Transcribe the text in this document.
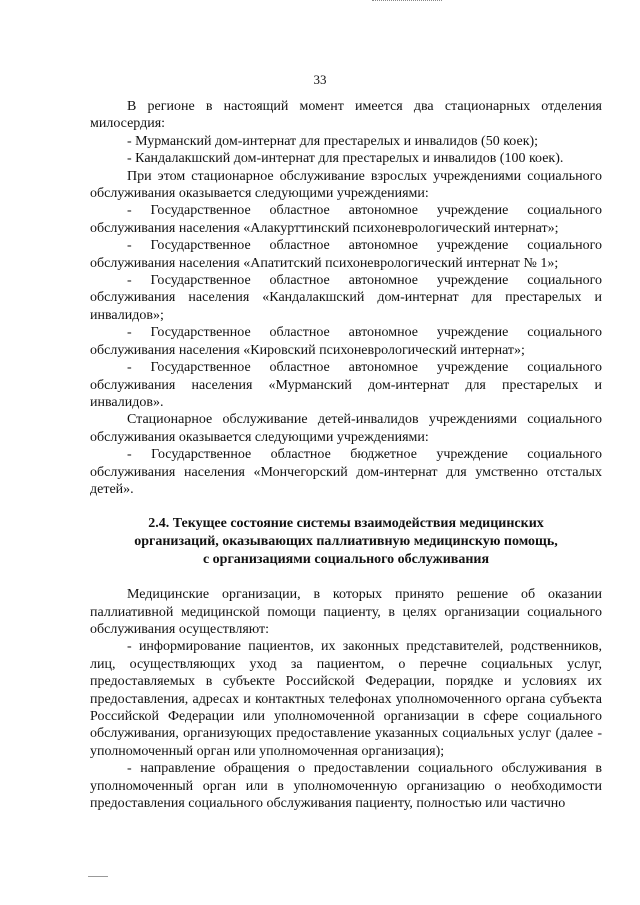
33

В регионе в настоящий момент имеется два стационарных отделения милосердия:

- Мурманский дом-интернат для престарелых и инвалидов (50 коек);

- Кандалакшский дом-интернат для престарелых и инвалидов (100 коек).

При этом стационарное обслуживание взрослых учреждениями социального обслуживания оказывается следующими учреждениями:

- Государственное областное автономное учреждение социального обслуживания населения «Алакурттинский психоневрологический интернат»;

- Государственное областное автономное учреждение социального обслуживания населения «Апатитский психоневрологический интернат № 1»;

- Государственное областное автономное учреждение социального обслуживания населения «Кандалакшский дом-интернат для престарелых и инвалидов»;

- Государственное областное автономное учреждение социального обслуживания населения «Кировский психоневрологический интернат»;

- Государственное областное автономное учреждение социального обслуживания населения «Мурманский дом-интернат для престарелых и инвалидов».

Стационарное обслуживание детей-инвалидов учреждениями социального обслуживания оказывается следующими учреждениями:

- Государственное областное бюджетное учреждение социального обслуживания населения «Мончегорский дом-интернат для умственно отсталых детей».

2.4. Текущее состояние системы взаимодействия медицинских
организаций, оказывающих паллиативную медицинскую помощь,
с организациями социального обслуживания

Медицинские организации, в которых принято решение об оказании паллиативной медицинской помощи пациенту, в целях организации социального обслуживания осуществляют:

- информирование пациентов, их законных представителей, родственников, лиц, осуществляющих уход за пациентом, о перечне социальных услуг, предоставляемых в субъекте Российской Федерации, порядке и условиях их предоставления, адресах и контактных телефонах уполномоченного органа субъекта Российской Федерации или уполномоченной организации в сфере социального обслуживания, организующих предоставление указанных социальных услуг (далее - уполномоченный орган или уполномоченная организация);

- направление обращения о предоставлении социального обслуживания в уполномоченный орган или в уполномоченную организацию о необходимости предоставления социального обслуживания пациенту, полностью или частично
